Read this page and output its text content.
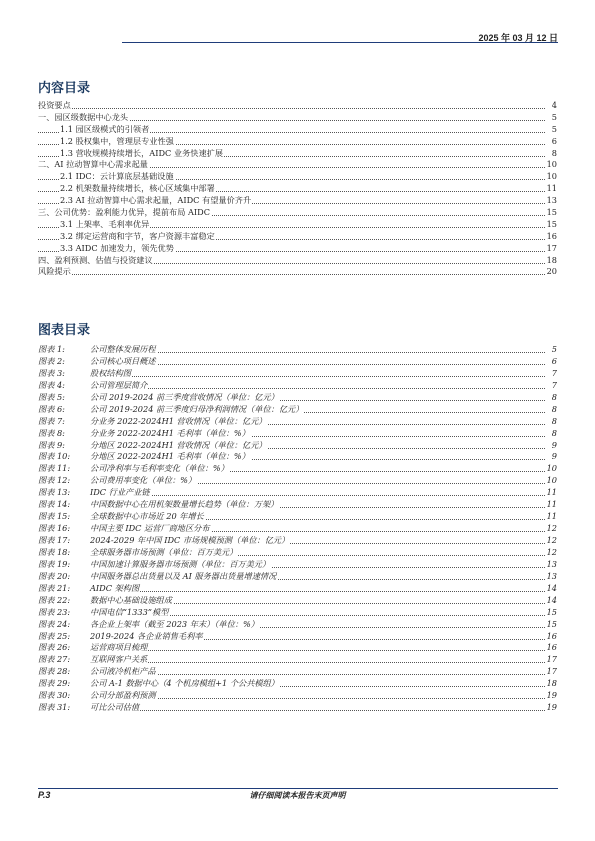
2025 年 03 月 12 日
内容目录
投资要点	4
一、园区级数据中心龙头	5
1.1 园区级模式的引领者	5
1.2 股权集中，管理层专业性强	6
1.3 营收规模持续增长，AIDC 业务快速扩展	8
二、AI 拉动智算中心需求起量	10
2.1 IDC：云计算底层基础设施	10
2.2 机架数量持续增长，核心区域集中部署	11
2.3 AI 拉动智算中心需求起量，AIDC 有望量价齐升	13
三、公司优势：盈利能力优异，提前布局 AIDC	15
3.1 上架率、毛利率优异	15
3.2 绑定运营商和字节，客户资源丰富稳定	16
3.3 AIDC 加速发力，领先优势	17
四、盈利预测、估值与投资建议	18
风险提示	20
图表目录
图表 1:	公司整体发展历程	5
图表 2:	公司核心项目概述	6
图表 3:	股权结构图	7
图表 4:	公司管理层简介	7
图表 5:	公司 2019-2024 前三季度营收情况（单位：亿元）	8
图表 6:	公司 2019-2024 前三季度归母净利润情况（单位：亿元）	8
图表 7:	分业务 2022-2024H1 营收情况（单位：亿元）	8
图表 8:	分业务 2022-2024H1 毛利率（单位：%）	8
图表 9:	分地区 2022-2024H1 营收情况（单位：亿元）	9
图表 10:	分地区 2022-2024H1 毛利率（单位：%）	9
图表 11:	公司净利率与毛利率变化（单位：%）	10
图表 12:	公司费用率变化（单位：%）	10
图表 13:	IDC 行业产业链	11
图表 14:	中国数据中心在用机架数量增长趋势（单位：万架）	11
图表 15:	全球数据中心市场近 20 年增长	11
图表 16:	中国主要 IDC 运营厂商地区分布	12
图表 17:	2024-2029 年中国 IDC 市场规模预测（单位：亿元）	12
图表 18:	全球服务器市场预测（单位：百万美元）	12
图表 19:	中国加速计算服务器市场预测（单位：百万美元）	13
图表 20:	中国服务器总出货量以及 AI 服务器出货量增速情况	13
图表 21:	AIDC 架构图	14
图表 22:	数据中心基础设施组成	14
图表 23:	中国电信“1333”模型	15
图表 24:	各企业上架率（截至 2023 年末）（单位：%）	15
图表 25:	2019-2024 各企业销售毛利率	16
图表 26:	运营商项目梳理	16
图表 27:	互联网客户关系	17
图表 28:	公司液冷机柜产品	17
图表 29:	公司 A-1 数据中心（4 个机房模组+1 个公共模组）	18
图表 30:	公司分部盈利预测	19
图表 31:	可比公司估值	19
P.3	请仔细阅读本报告末页声明
